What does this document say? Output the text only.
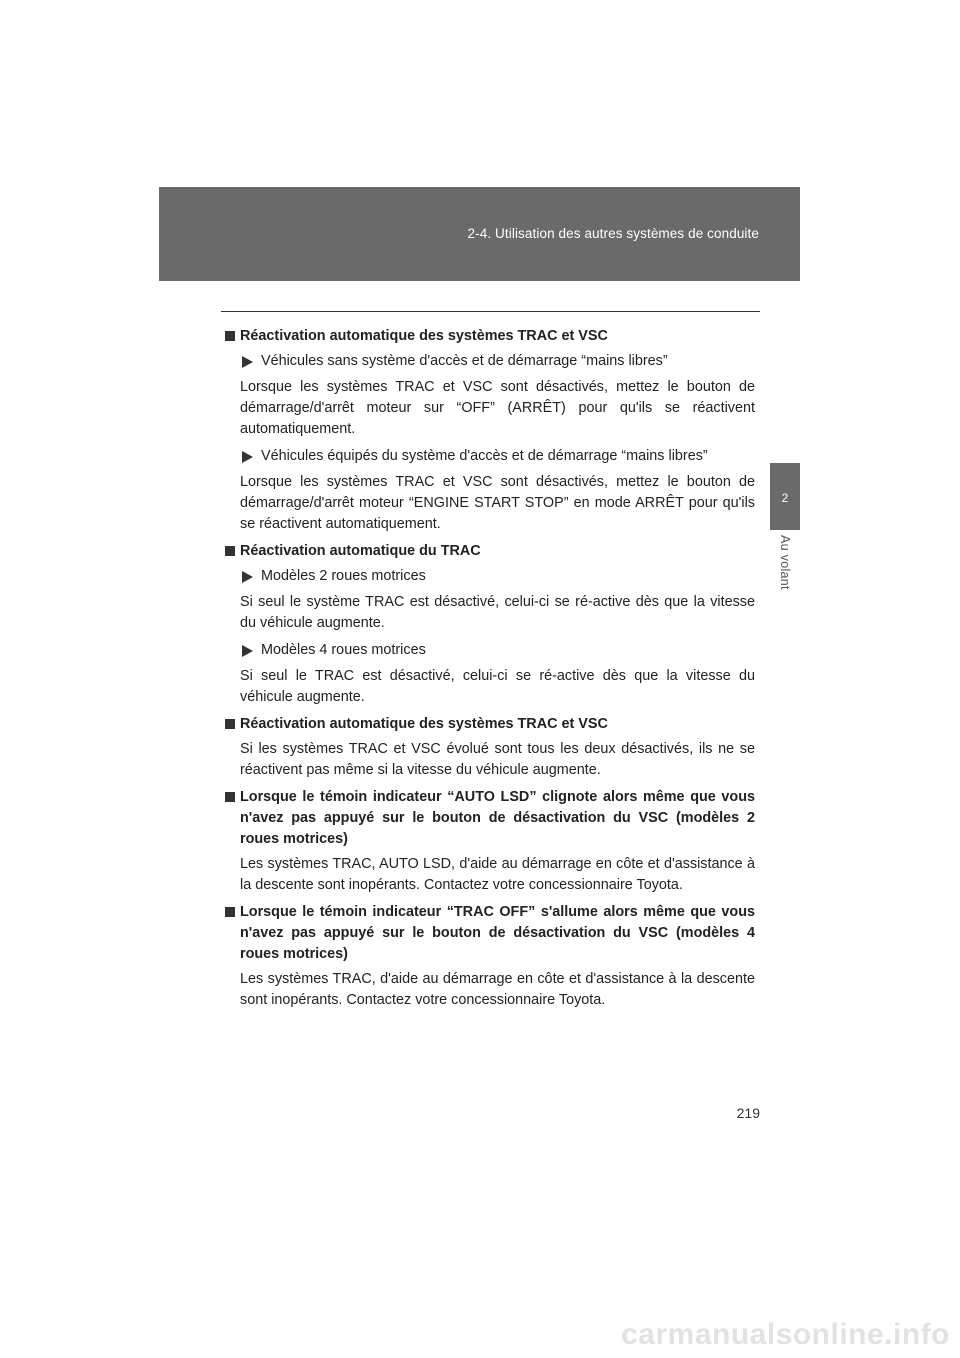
2-4. Utilisation des autres systèmes de conduite
2
Au volant
Réactivation automatique des systèmes TRAC et VSC
Véhicules sans système d'accès et de démarrage “mains libres”
Lorsque les systèmes TRAC et VSC sont désactivés, mettez le bouton de démarrage/d'arrêt moteur sur “OFF” (ARRÊT) pour qu'ils se réactivent automatiquement.
Véhicules équipés du système d'accès et de démarrage “mains libres”
Lorsque les systèmes TRAC et VSC sont désactivés, mettez le bouton de démarrage/d'arrêt moteur “ENGINE START STOP” en mode ARRÊT pour qu'ils se réactivent automatiquement.
Réactivation automatique du TRAC
Modèles 2 roues motrices
Si seul le système TRAC est désactivé, celui-ci se ré-active dès que la vitesse du véhicule augmente.
Modèles 4 roues motrices
Si seul le TRAC est désactivé, celui-ci se ré-active dès que la vitesse du véhicule augmente.
Réactivation automatique des systèmes TRAC et VSC
Si les systèmes TRAC et VSC évolué sont tous les deux désactivés, ils ne se réactivent pas même si la vitesse du véhicule augmente.
Lorsque le témoin indicateur “AUTO LSD” clignote alors même que vous n'avez pas appuyé sur le bouton de désactivation du VSC (modèles 2 roues motrices)
Les systèmes TRAC, AUTO LSD, d'aide au démarrage en côte et d'assistance à la descente sont inopérants. Contactez votre concessionnaire Toyota.
Lorsque le témoin indicateur “TRAC OFF” s'allume alors même que vous n'avez pas appuyé sur le bouton de désactivation du VSC (modèles 4 roues motrices)
Les systèmes TRAC, d'aide au démarrage en côte et d'assistance à la descente sont inopérants. Contactez votre concessionnaire Toyota.
219
carmanualsonline.info
